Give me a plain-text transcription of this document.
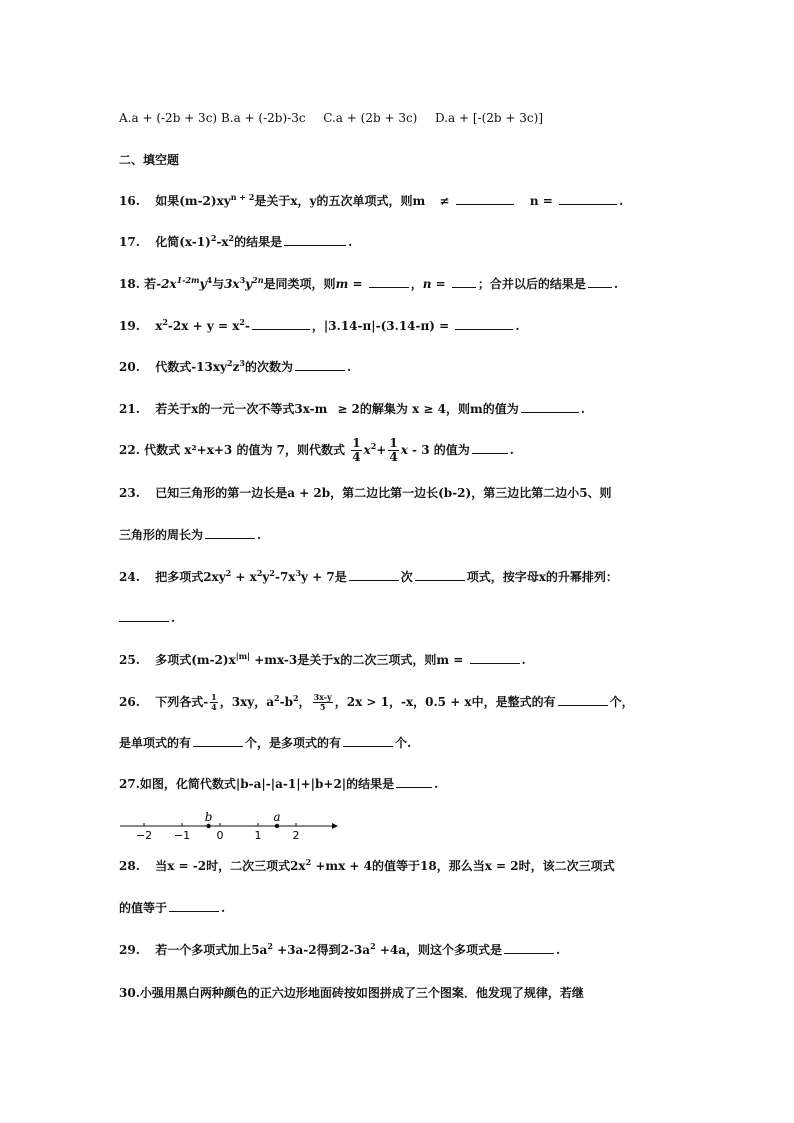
A.a + (-2b + 3c) B.a + (-2b)-3c C.a + (2b + 3c) D.a + [-(2b + 3c)]
二、填空题
16. 如果$(m-2)xy^{n + 2}$是关于x，y的五次单项式，则m ≠	n =	.
17. 化简$(x-1)^2-x^2$的结果是	.
18. 若$-2x^{1-2m}y^4$与$3x^3y^{2n}$是同类项，则m =	，n = ；合并以后的结果是 .
19. $x^2-2x + y = x^2-$	，|3.14-π|-(3.14-π) =	.
20. 代数式$-13xy^2z^3$的次数为	.
21. 若关于x的一元一次不等式3x-m ≥ 2的解集为 x ≥ 4，则m的值为	.
22. 代数式 x²+x+3 的值为 7，则代数式 $\frac{1}{4} x^2+ \frac{1}{4}$ x - 3 的值为	.
23. 已知三角形的第一边长是a + 2b，第二边比第一边长(b-2)，第三边比第二边小5、则
三角形的周长为	.
24. 把多项式$2xy^2 + x^2y^2-7x^3y + 7$是	次	项式，按字母x的升幂排列：
.
25. 多项式$(m-2)x^{|m|} +mx-3$是关于x的二次三项式，则m =	.
26. 下列各式- $\frac{1}{4}$ ，3xy，$a^2-b^2$， $\frac{3x-y}{5}$ ，2x > 1，-x，0.5 + x中，是整式的有	个，
是单项式的有	个，是多项式的有	个.
27.如图，化简代数式|b-a|-|a-1|+|b+2|的结果是	.
−2 −1 0	1	2
b	a
28. 当x = -2时，二次三项式$2x^2 +mx + 4$的值等于18，那么当x = 2时，该二次三项式
的值等于	.
29. 若一个多项式加上$5a^2 +3a-2$得到$2-3a^2 +4a$，则这个多项式是	.
30.小强用黑白两种颜色的正六边形地面砖按如图拼成了三个图案．他发现了规律，若继
